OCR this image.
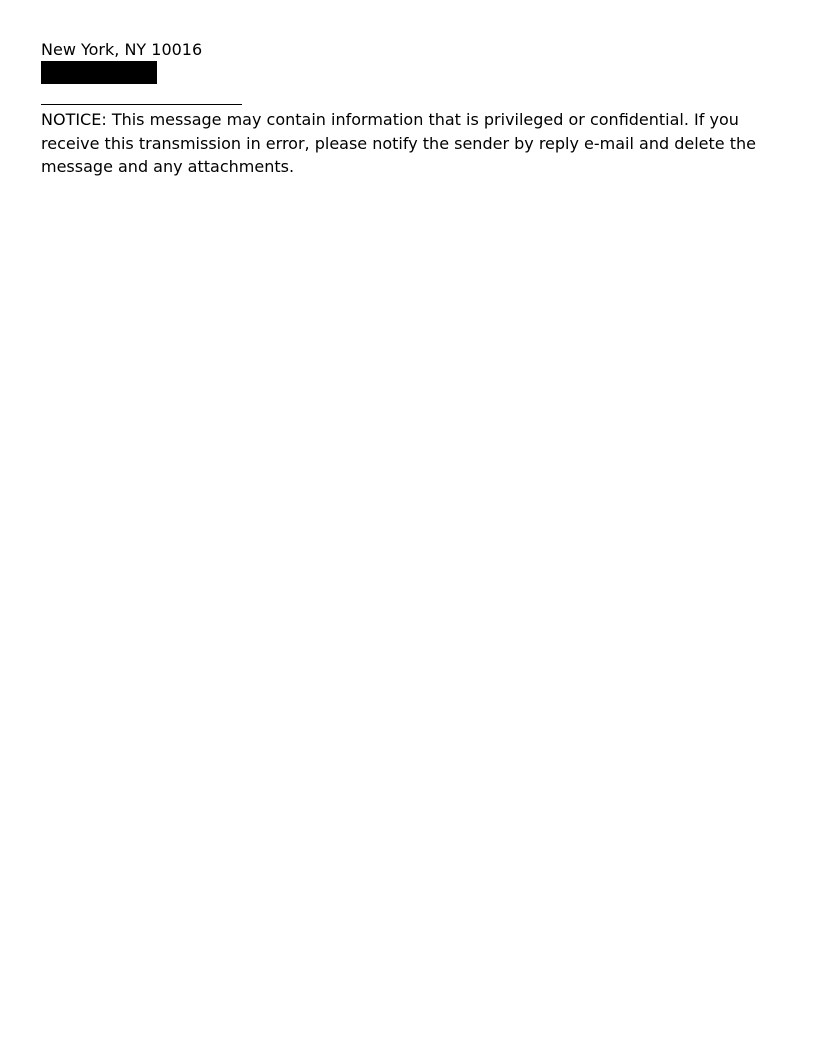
New York, NY 10016

NOTICE: This message may contain information that is privileged or confidential. If you receive this transmission in error, please notify the sender by reply e-mail and delete the message and any attachments.
